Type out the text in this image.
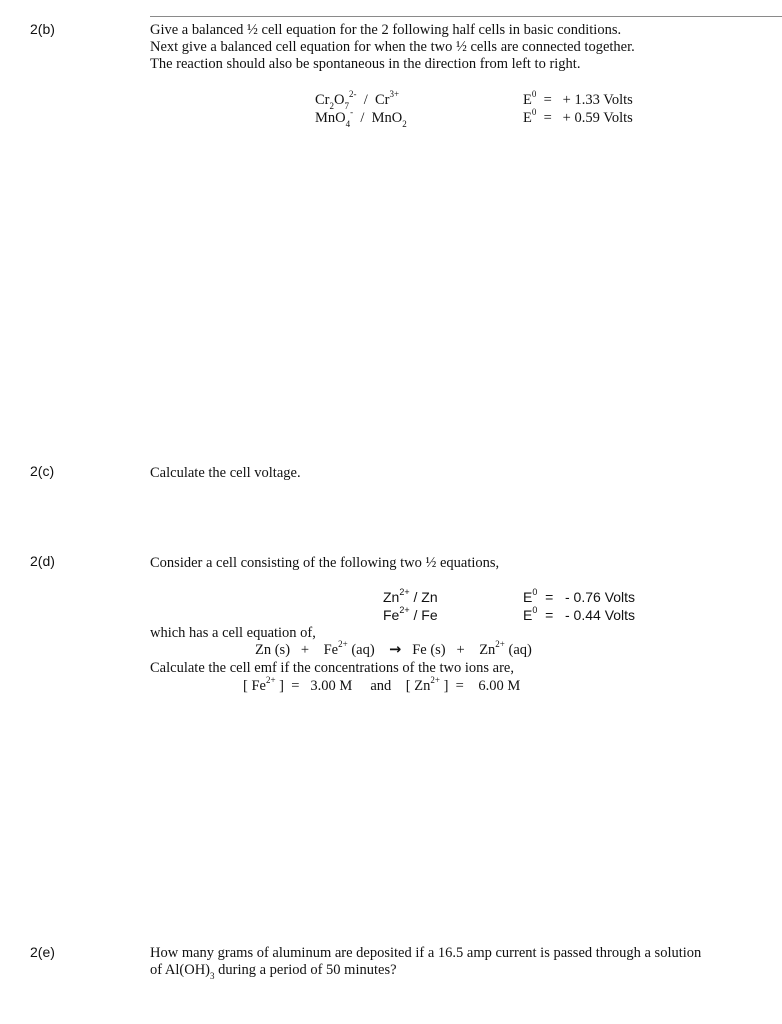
2(b)	Give a balanced ½ cell equation for the 2 following half cells in basic conditions.
Next give a balanced cell equation for when the two ½ cells are connected together.
The reaction should also be spontaneous in the direction from left to right.
$Cr_2O_7^{2-} / Cr^{3+}$	$E^0$ = + 1.33 Volts
MnO$_4$- / MnO$_2$	$E^0$ = + 0.59 Volts
2(c)	Calculate the cell voltage.
2(d)	Consider a cell consisting of the following two ½ equations,
$Zn^{2+}$ / Zn	$E^0$ = - 0.76 Volts
$Fe^{2+}$ / Fe	$E^0$ = - 0.44 Volts
which has a cell equation of,
Zn $(s) + Fe^{2+}$ (aq) → Fe $(s) + Zn^{2+}$ (aq)
Calculate the cell emf if the concentrations of the two ions are,
[ $Fe^{2+}$ ] = 3.00 M and [ $Zn^{2+}$ ] = 6.00 M
2(e)	How many grams of aluminum are deposited if a 16.5 amp current is passed through a solution
of $Al(OH)_3$ during a period of 50 minutes?
